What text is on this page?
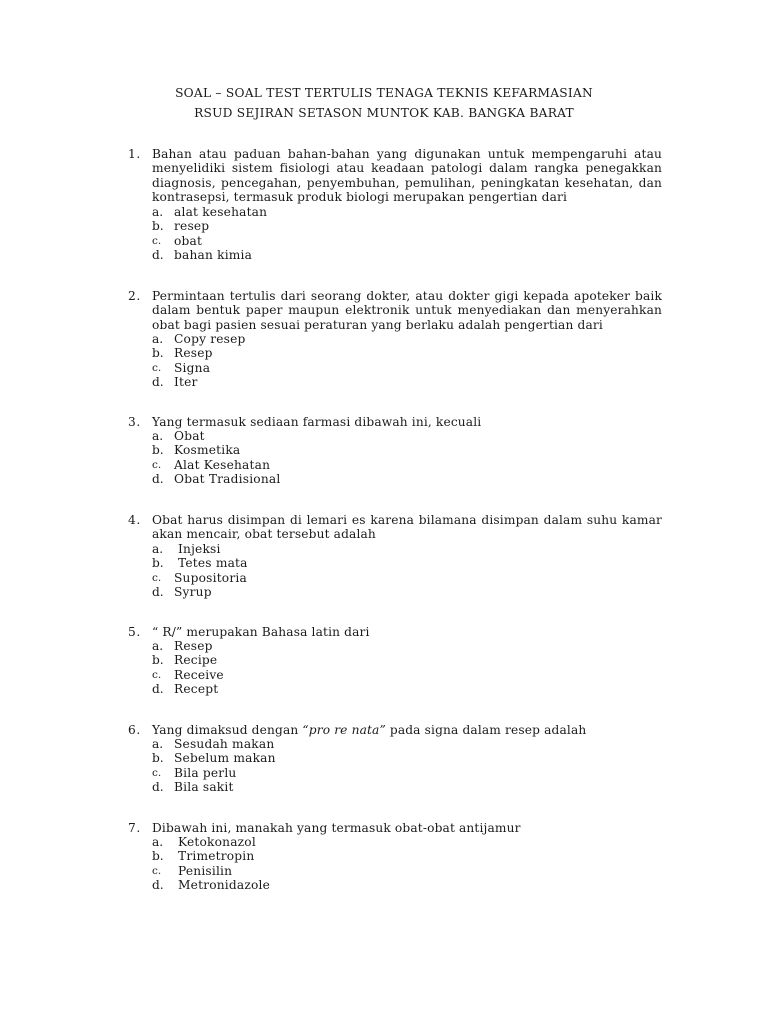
SOAL – SOAL TEST TERTULIS TENAGA TEKNIS KEFARMASIAN
RSUD SEJIRAN SETASON MUNTOK KAB. BANGKA BARAT
1. Bahan atau paduan bahan-bahan yang digunakan untuk mempengaruhi atau menyelidiki sistem fisiologi atau keadaan patologi dalam rangka penegakkan diagnosis, pencegahan, penyembuhan, pemulihan, peningkatan kesehatan, dan kontrasepsi, termasuk produk biologi merupakan pengertian dari
a. alat kesehatan
b. resep
c. obat
d. bahan kimia
2. Permintaan tertulis dari seorang dokter, atau dokter gigi kepada apoteker baik dalam bentuk paper maupun elektronik untuk menyediakan dan menyerahkan obat bagi pasien sesuai peraturan yang berlaku adalah pengertian dari
a. Copy resep
b. Resep
c. Signa
d. Iter
3. Yang termasuk sediaan farmasi dibawah ini, kecuali
a. Obat
b. Kosmetika
c. Alat Kesehatan
d. Obat Tradisional
4. Obat harus disimpan di lemari es karena bilamana disimpan dalam suhu kamar akan mencair, obat tersebut adalah
a. Injeksi
b. Tetes mata
c. Supositoria
d. Syrup
5. “ R/” merupakan Bahasa latin dari
a. Resep
b. Recipe
c. Receive
d. Recept
6. Yang dimaksud dengan “pro re nata” pada signa dalam resep adalah
a. Sesudah makan
b. Sebelum makan
c. Bila perlu
d. Bila sakit
7. Dibawah ini, manakah yang termasuk obat-obat antijamur
a. Ketokonazol
b. Trimetropin
c. Penisilin
d. Metronidazole
